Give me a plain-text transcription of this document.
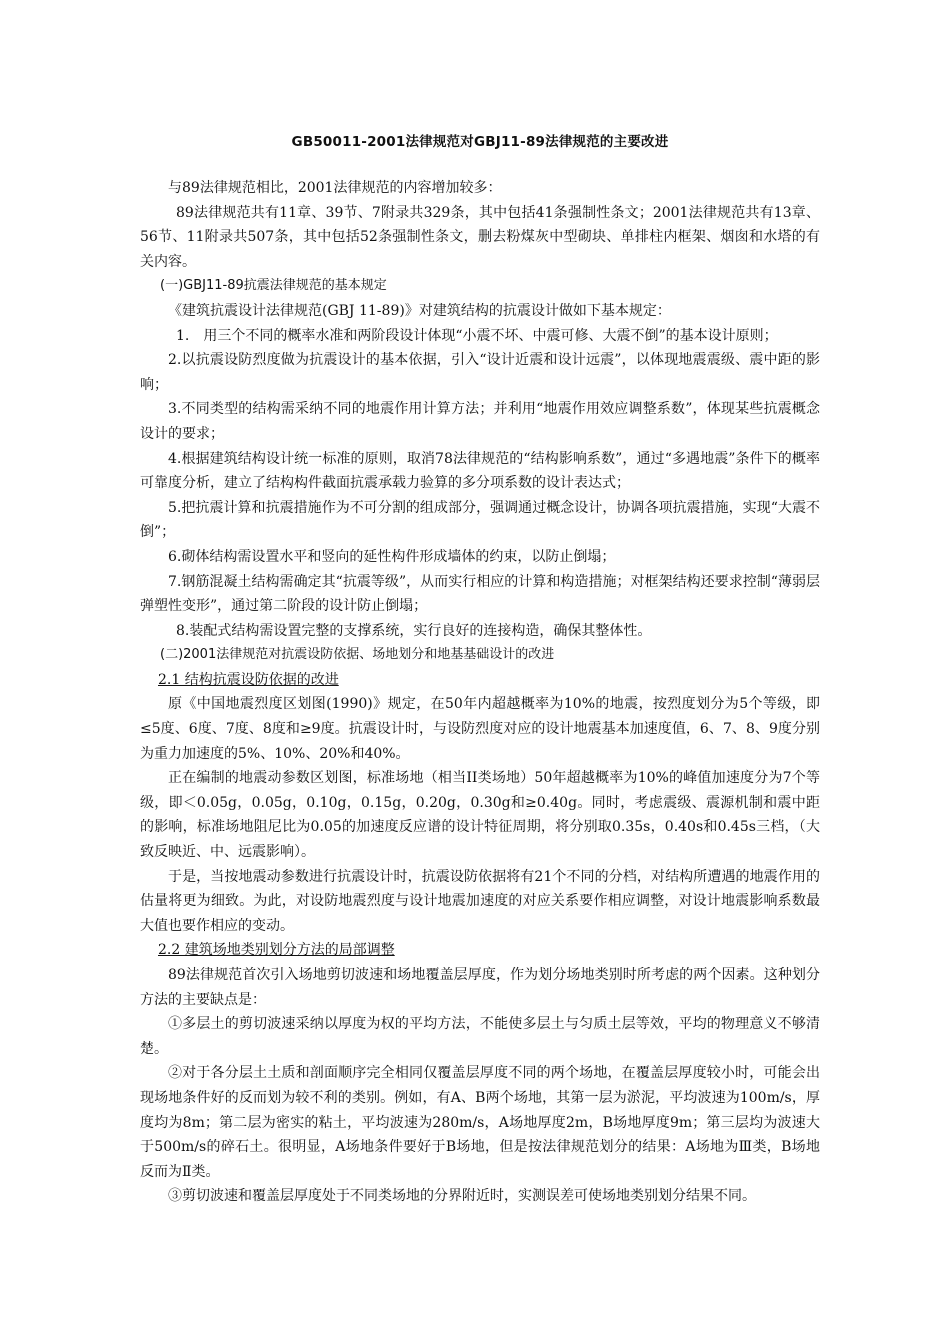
GB50011-2001法律规范对GBJ11-89法律规范的主要改进

与89法律规范相比，2001法律规范的内容增加较多：

89法律规范共有11章、39节、7附录共329条，其中包括41条强制性条文；2001法律规范共有13章、56节、11附录共507条，其中包括52条强制性条文，删去粉煤灰中型砌块、单排柱内框架、烟囱和水塔的有关内容。

(一)GBJ11-89抗震法律规范的基本规定

《建筑抗震设计法律规范(GBJ 11-89)》对建筑结构的抗震设计做如下基本规定：

1.　用三个不同的概率水准和两阶段设计体现“小震不坏、中震可修、大震不倒”的基本设计原则；

2.以抗震设防烈度做为抗震设计的基本依据，引入“设计近震和设计远震”，以体现地震震级、震中距的影响；

3.不同类型的结构需采纳不同的地震作用计算方法；并利用“地震作用效应调整系数”，体现某些抗震概念设计的要求；

4.根据建筑结构设计统一标准的原则，取消78法律规范的“结构影响系数”，通过“多遇地震”条件下的概率可靠度分析，建立了结构构件截面抗震承载力验算的多分项系数的设计表达式；

5.把抗震计算和抗震措施作为不可分割的组成部分，强调通过概念设计，协调各项抗震措施，实现“大震不倒”；

6.砌体结构需设置水平和竖向的延性构件形成墙体的约束，以防止倒塌；

7.钢筋混凝土结构需确定其“抗震等级”，从而实行相应的计算和构造措施；对框架结构还要求控制“薄弱层弹塑性变形”，通过第二阶段的设计防止倒塌；

8.装配式结构需设置完整的支撑系统，实行良好的连接构造，确保其整体性。

(二)2001法律规范对抗震设防依据、场地划分和地基基础设计的改进

2.1 结构抗震设防依据的改进

原《中国地震烈度区划图(1990)》规定，在50年内超越概率为10%的地震，按烈度划分为5个等级，即≤5度、6度、7度、8度和≥9度。抗震设计时，与设防烈度对应的设计地震基本加速度值，6、7、8、9度分别为重力加速度的5%、10%、20%和40%。

正在编制的地震动参数区划图，标准场地（相当II类场地）50年超越概率为10%的峰值加速度分为7个等级，即＜0.05g，0.05g，0.10g，0.15g，0.20g，0.30g和≥0.40g。同时，考虑震级、震源机制和震中距的影响，标准场地阻尼比为0.05的加速度反应谱的设计特征周期，将分别取0.35s，0.40s和0.45s三档，（大致反映近、中、远震影响）。

于是，当按地震动参数进行抗震设计时，抗震设防依据将有21个不同的分档，对结构所遭遇的地震作用的估量将更为细致。为此，对设防地震烈度与设计地震加速度的对应关系要作相应调整，对设计地震影响系数最大值也要作相应的变动。

2.2 建筑场地类别划分方法的局部调整

89法律规范首次引入场地剪切波速和场地覆盖层厚度，作为划分场地类别时所考虑的两个因素。这种划分方法的主要缺点是：

①多层土的剪切波速采纳以厚度为权的平均方法，不能使多层土与匀质土层等效，平均的物理意义不够清楚。

②对于各分层土土质和剖面顺序完全相同仅覆盖层厚度不同的两个场地，在覆盖层厚度较小时，可能会出现场地条件好的反而划为较不利的类别。例如，有A、B两个场地，其第一层为淤泥，平均波速为100m/s，厚度均为8m；第二层为密实的粘土，平均波速为280m/s，A场地厚度2m，B场地厚度9m；第三层均为波速大于500m/s的碎石土。很明显，A场地条件要好于B场地，但是按法律规范划分的结果：A场地为Ⅲ类，B场地反而为Ⅱ类。

③剪切波速和覆盖层厚度处于不同类场地的分界附近时，实测误差可使场地类别划分结果不同。
